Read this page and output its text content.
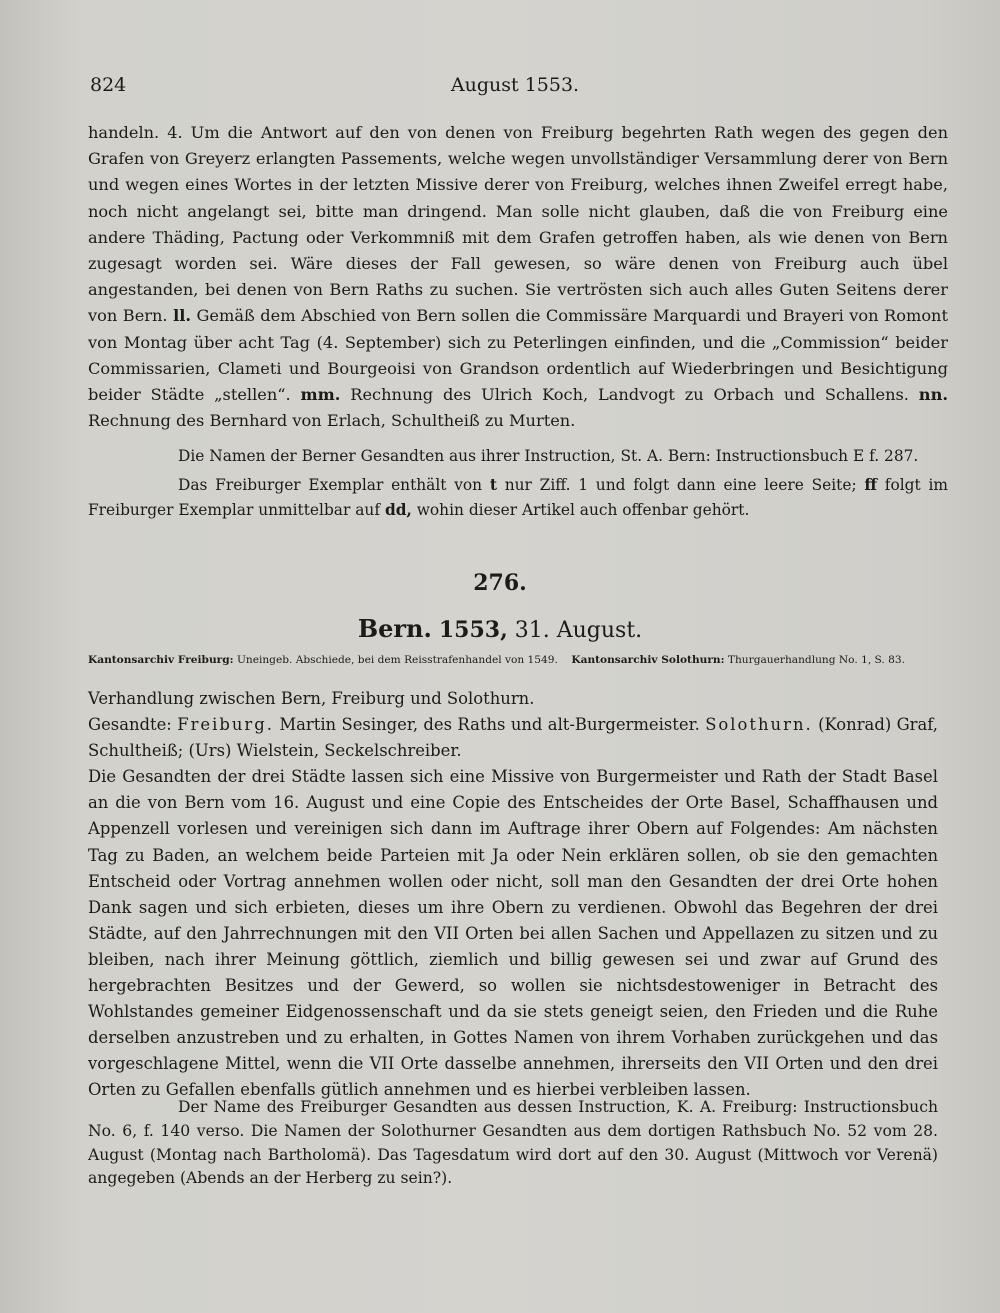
824	August 1553.

handeln. 4. Um die Antwort auf den von denen von Freiburg begehrten Rath wegen des gegen den Grafen von Greyerz erlangten Passements, welche wegen unvollständiger Versammlung derer von Bern und wegen eines Wortes in der letzten Missive derer von Freiburg, welches ihnen Zweifel erregt habe, noch nicht angelangt sei, bitte man dringend. Man solle nicht glauben, daß die von Freiburg eine andere Thäding, Pactung oder Verkommniß mit dem Grafen getroffen haben, als wie denen von Bern zugesagt worden sei. Wäre dieses der Fall gewesen, so wäre denen von Freiburg auch übel angestanden, bei denen von Bern Raths zu suchen. Sie vertrösten sich auch alles Guten Seitens derer von Bern. ll. Gemäß dem Abschied von Bern sollen die Commissäre Marquardi und Brayeri von Romont von Montag über acht Tag (4. September) sich zu Peterlingen einfinden, und die „Commission“ beider Commissarien, Clameti und Bourgeoisi von Grandson ordentlich auf Wiederbringen und Besichtigung beider Städte „stellen“. mm. Rechnung des Ulrich Koch, Landvogt zu Orbach und Schallens. nn. Rechnung des Bernhard von Erlach, Schultheiß zu Murten.

Die Namen der Berner Gesandten aus ihrer Instruction, St. A. Bern: Instructionsbuch E f. 287.

Das Freiburger Exemplar enthält von t nur Ziff. 1 und folgt dann eine leere Seite; ff folgt im Freiburger Exemplar unmittelbar auf dd, wohin dieser Artikel auch offenbar gehört.

276.
Bern. 1553, 31. August.
Kantonsarchiv Freiburg: Uneingeb. Abschiede, bei dem Reisstrafenhandel von 1549. Kantonsarchiv Solothurn: Thurgauerhandlung No. 1, S. 83.

Verhandlung zwischen Bern, Freiburg und Solothurn.

Gesandte: Freiburg. Martin Sesinger, des Raths und alt-Burgermeister. Solothurn. (Konrad) Graf, Schultheiß; (Urs) Wielstein, Seckelschreiber.

Die Gesandten der drei Städte lassen sich eine Missive von Burgermeister und Rath der Stadt Basel an die von Bern vom 16. August und eine Copie des Entscheides der Orte Basel, Schaffhausen und Appenzell vorlesen und vereinigen sich dann im Auftrage ihrer Obern auf Folgendes: Am nächsten Tag zu Baden, an welchem beide Parteien mit Ja oder Nein erklären sollen, ob sie den gemachten Entscheid oder Vortrag annehmen wollen oder nicht, soll man den Gesandten der drei Orte hohen Dank sagen und sich erbieten, dieses um ihre Obern zu verdienen. Obwohl das Begehren der drei Städte, auf den Jahrrechnungen mit den VII Orten bei allen Sachen und Appellazen zu sitzen und zu bleiben, nach ihrer Meinung göttlich, ziemlich und billig gewesen sei und zwar auf Grund des hergebrachten Besitzes und der Gewerd, so wollen sie nichtsdestoweniger in Betracht des Wohlstandes gemeiner Eidgenossenschaft und da sie stets geneigt seien, den Frieden und die Ruhe derselben anzustreben und zu erhalten, in Gottes Namen von ihrem Vorhaben zurückgehen und das vorgeschlagene Mittel, wenn die VII Orte dasselbe annehmen, ihrerseits den VII Orten und den drei Orten zu Gefallen ebenfalls gütlich annehmen und es hierbei verbleiben lassen.

Der Name des Freiburger Gesandten aus dessen Instruction, K. A. Freiburg: Instructionsbuch No. 6, f. 140 verso. Die Namen der Solothurner Gesandten aus dem dortigen Rathsbuch No. 52 vom 28. August (Montag nach Bartholomä). Das Tagesdatum wird dort auf den 30. August (Mittwoch vor Verenä) angegeben (Abends an der Herberg zu sein?).
